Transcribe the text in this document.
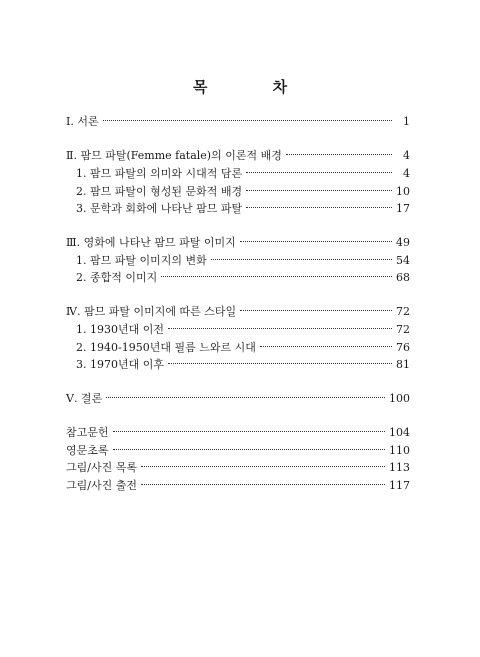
목 차
Ⅰ. 서론	1
Ⅱ. 팜므 파탈(Femme fatale)의 이론적 배경	4
1. 팜므 파탈의 의미와 시대적 담론	4
2. 팜므 파탈이 형성된 문화적 배경	10
3. 문학과 회화에 나타난 팜므 파탈	17
Ⅲ. 영화에 나타난 팜므 파탈 이미지	49
1. 팜므 파탈 이미지의 변화	54
2. 종합적 이미지	68
Ⅳ. 팜므 파탈 이미지에 따른 스타일	72
1. 1930년대 이전	72
2. 1940-1950년대 필름 느와르 시대	76
3. 1970년대 이후	81
Ⅴ. 결론	100
참고문헌	104
영문초록	110
그림/사진 목록	113
그림/사진 출전	117
